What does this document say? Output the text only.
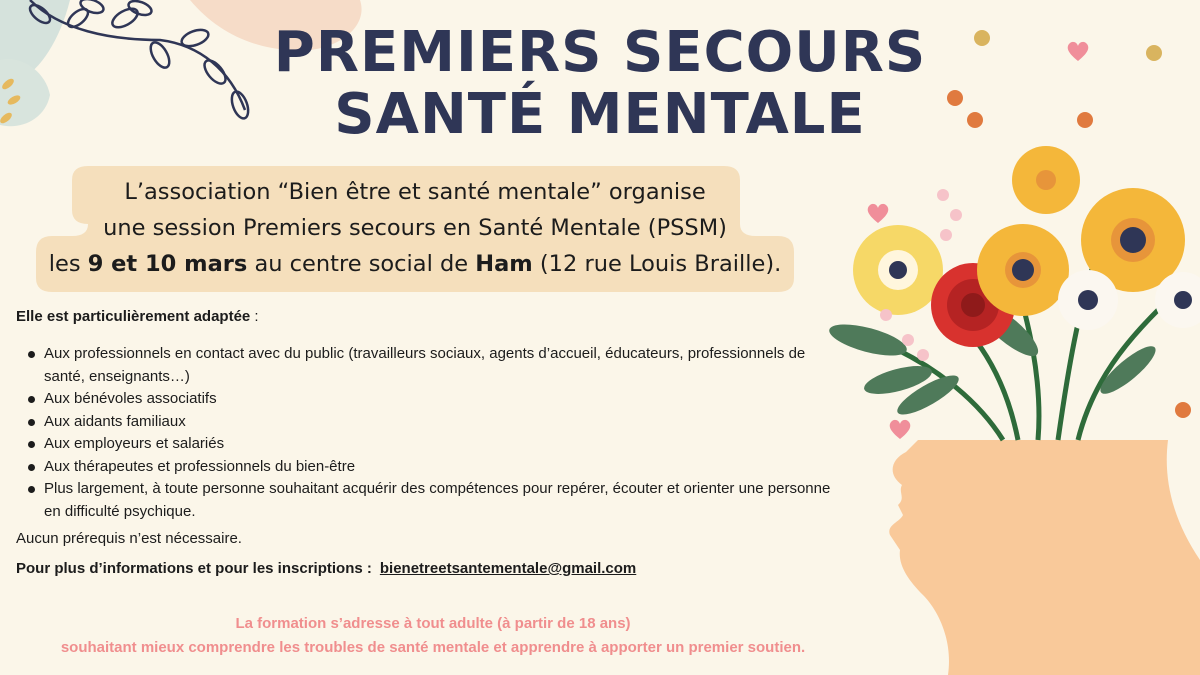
PREMIERS SECOURS
SANTÉ MENTALE
L’association “Bien être et santé mentale” organise
une session Premiers secours en Santé Mentale (PSSM)
les 9 et 10 mars au centre social de Ham (12 rue Louis Braille).
Elle est particulièrement adaptée :
Aux professionnels en contact avec du public (travailleurs sociaux, agents d’accueil, éducateurs, professionnels de santé, enseignants…)
Aux bénévoles associatifs
Aux aidants familiaux
Aux employeurs et salariés
Aux thérapeutes et professionnels du bien-être
Plus largement, à toute personne souhaitant acquérir des compétences pour repérer, écouter et orienter une personne en difficulté psychique.
Aucun prérequis n’est nécessaire.
Pour plus d’informations et pour les inscriptions : bienetreetsantementale@gmail.com
La formation s’adresse à tout adulte (à partir de 18 ans)
souhaitant mieux comprendre les troubles de santé mentale et apprendre à apporter un premier soutien.
